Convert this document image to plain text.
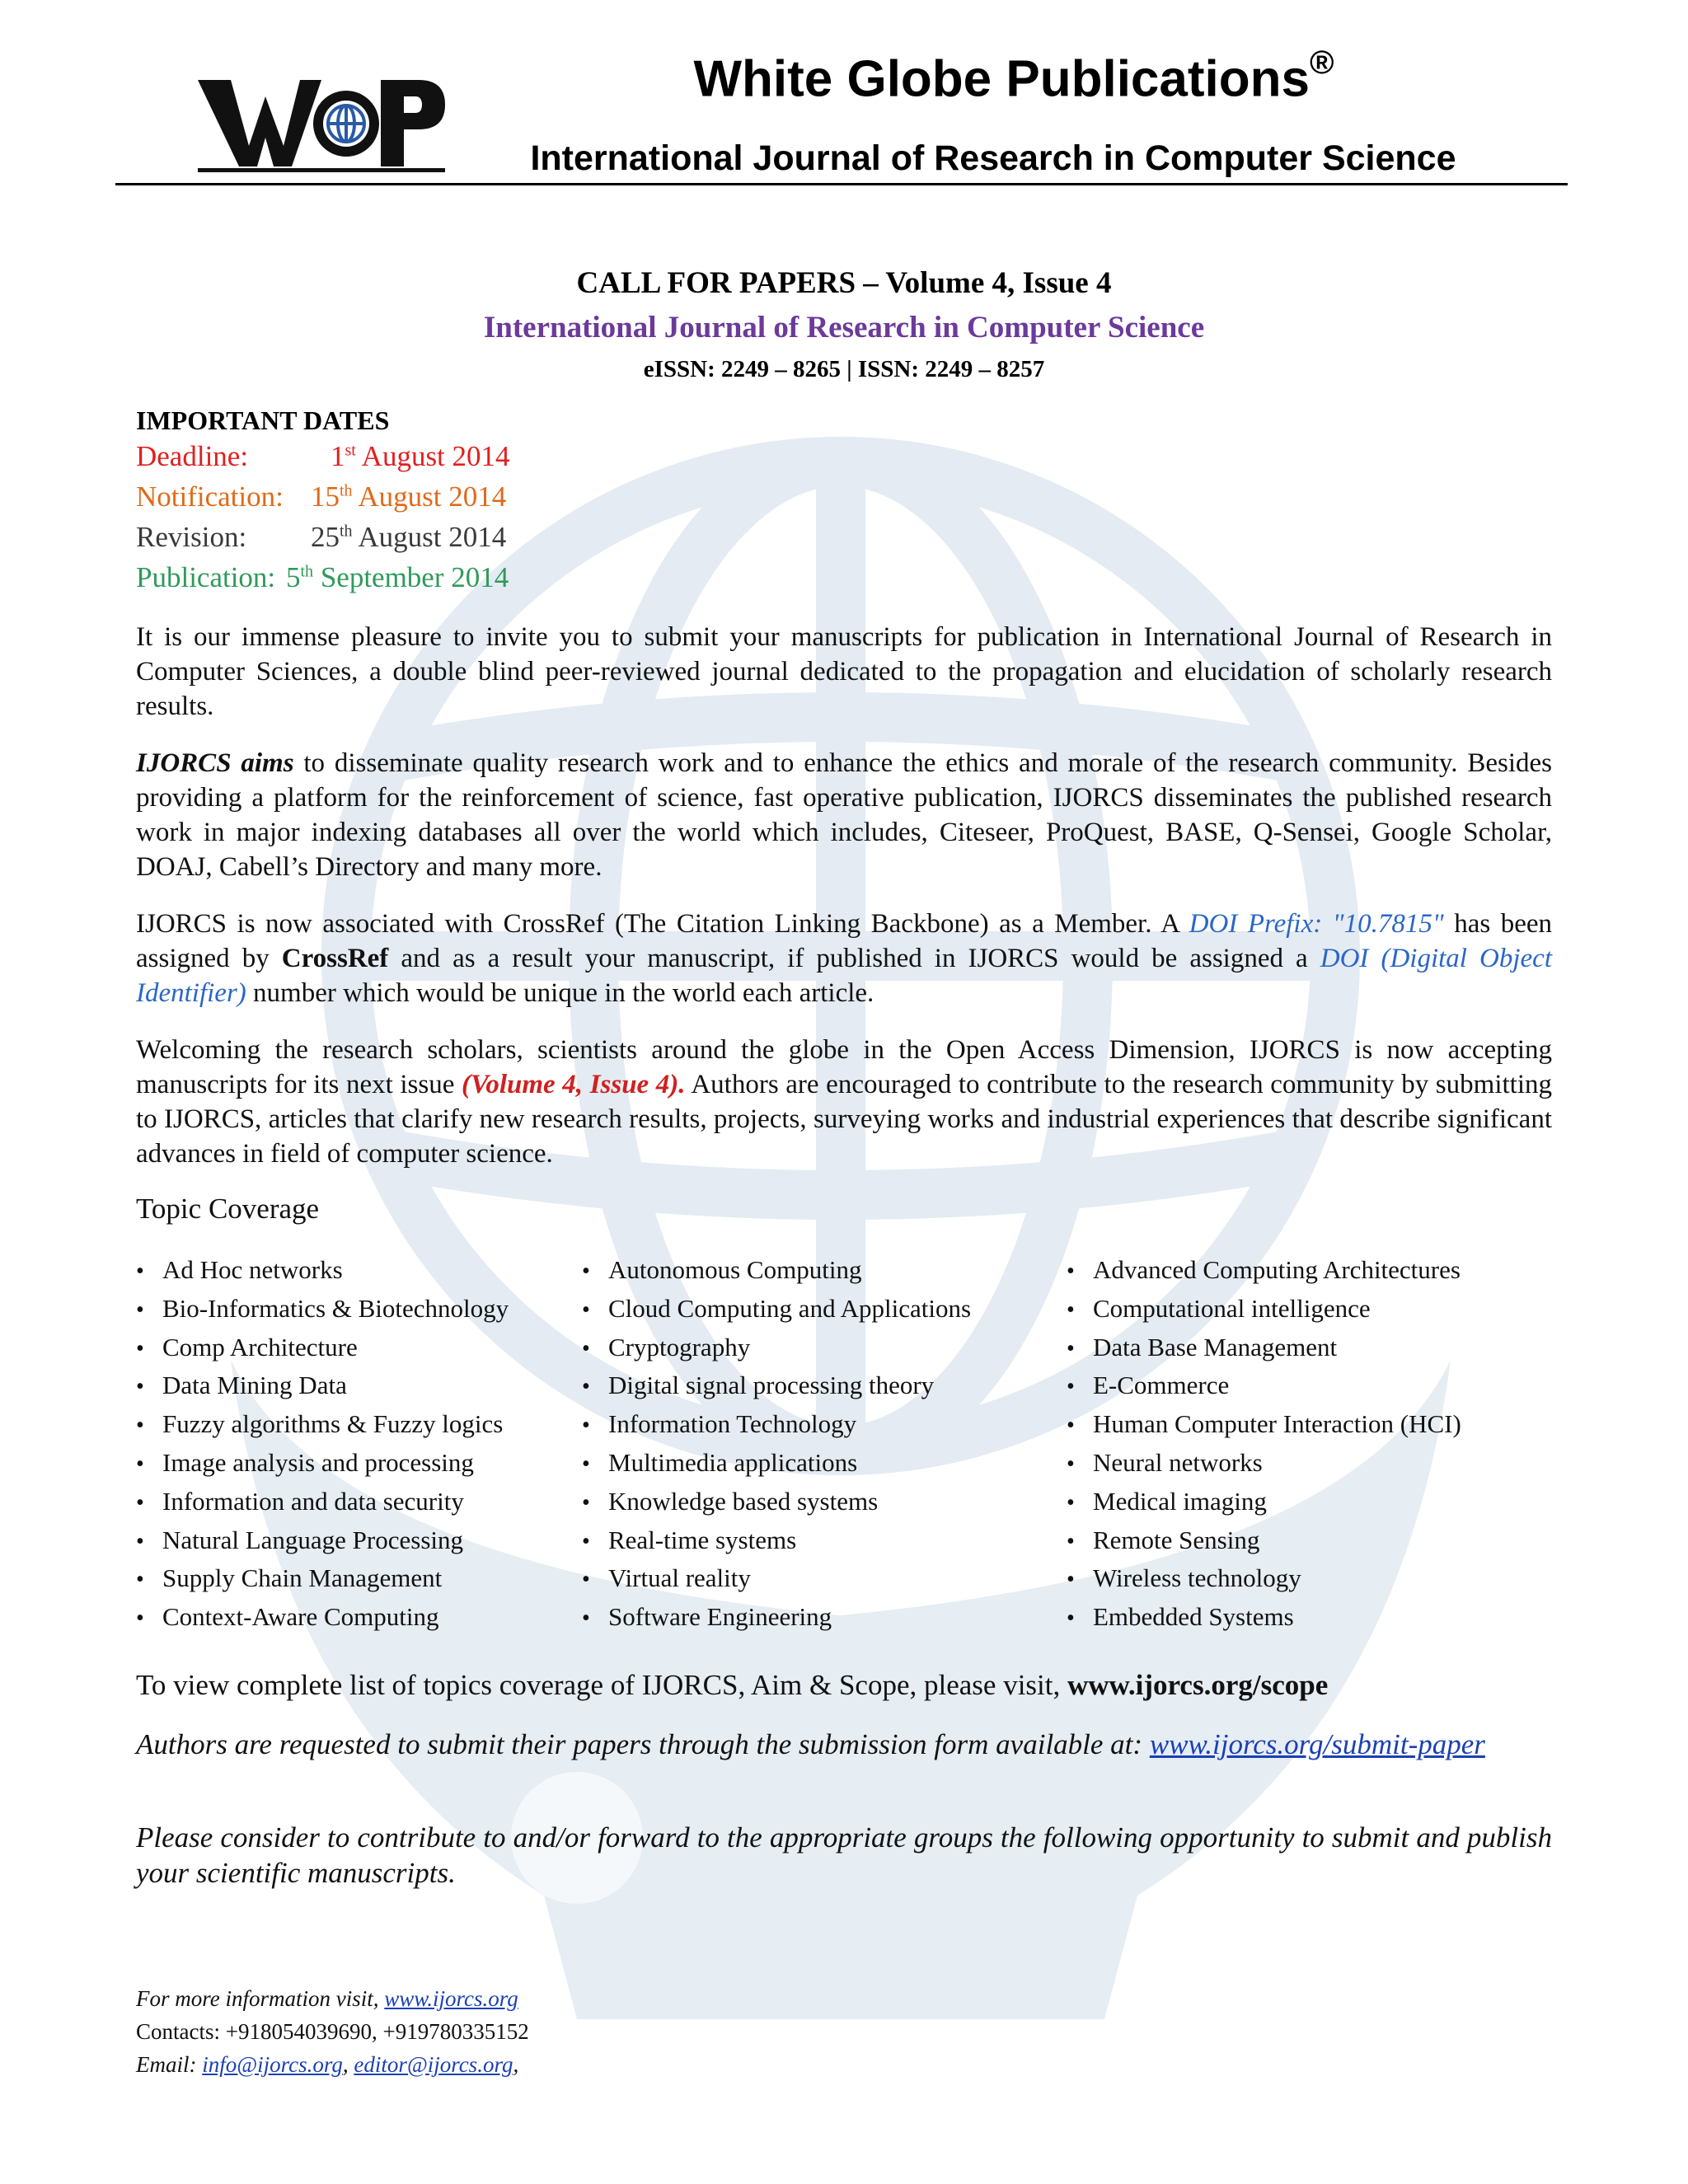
White Globe Publications®
International Journal of Research in Computer Science
CALL FOR PAPERS – Volume 4, Issue 4
International Journal of Research in Computer Science
eISSN: 2249 – 8265 | ISSN: 2249 – 8257
IMPORTANT DATES
Deadline:	1st August 2014
Notification: 15th August 2014
Revision: 25th August 2014
Publication: 5th September 2014
It is our immense pleasure to invite you to submit your manuscripts for publication in International Journal of Research in Computer Sciences, a double blind peer-reviewed journal dedicated to the propagation and elucidation of scholarly research results.
IJORCS aims to disseminate quality research work and to enhance the ethics and morale of the research community. Besides providing a platform for the reinforcement of science, fast operative publication, IJORCS disseminates the published research work in major indexing databases all over the world which includes, Citeseer, ProQuest, BASE, Q-Sensei, Google Scholar, DOAJ, Cabell’s Directory and many more.
IJORCS is now associated with CrossRef (The Citation Linking Backbone) as a Member. A DOI Prefix: "10.7815" has been assigned by CrossRef and as a result your manuscript, if published in IJORCS would be assigned a DOI (Digital Object Identifier) number which would be unique in the world each article.
Welcoming the research scholars, scientists around the globe in the Open Access Dimension, IJORCS is now accepting manuscripts for its next issue (Volume 4, Issue 4). Authors are encouraged to contribute to the research community by submitting to IJORCS, articles that clarify new research results, projects, surveying works and industrial experiences that describe significant advances in field of computer science.
Topic Coverage
• Ad Hoc networks
• Bio-Informatics & Biotechnology
• Comp Architecture
• Data Mining Data
• Fuzzy algorithms & Fuzzy logics
• Image analysis and processing
• Information and data security
• Natural Language Processing
• Supply Chain Management
• Context-Aware Computing
• Autonomous Computing
• Cloud Computing and Applications
• Cryptography
• Digital signal processing theory
• Information Technology
• Multimedia applications
• Knowledge based systems
• Real-time systems
• Virtual reality
• Software Engineering
• Advanced Computing Architectures
• Computational intelligence
• Data Base Management
• E-Commerce
• Human Computer Interaction (HCI)
• Neural networks
• Medical imaging
• Remote Sensing
• Wireless technology
• Embedded Systems
To view complete list of topics coverage of IJORCS, Aim & Scope, please visit, www.ijorcs.org/scope
Authors are requested to submit their papers through the submission form available at: www.ijorcs.org/submit-paper
Please consider to contribute to and/or forward to the appropriate groups the following opportunity to submit and publish your scientific manuscripts.
For more information visit, www.ijorcs.org
Contacts: +918054039690, +919780335152
Email: info@ijorcs.org, editor@ijorcs.org,
